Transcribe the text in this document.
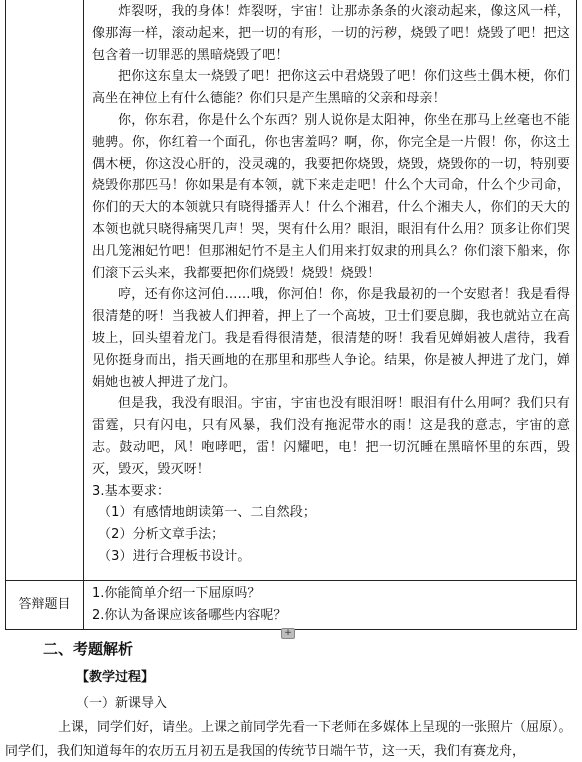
炸裂呀，我的身体！炸裂呀，宇宙！让那赤条条的火滚动起来，像这风一样，像那海一样，滚动起来，把一切的有形，一切的污秽，烧毁了吧！烧毁了吧！把这包含着一切罪恶的黑暗烧毁了吧！

把你这东皇太一烧毁了吧！把你这云中君烧毁了吧！你们这些土偶木梗，你们高坐在神位上有什么德能？你们只是产生黑暗的父亲和母亲！

你，你东君，你是什么个东西？别人说你是太阳神，你坐在那马上丝毫也不能驰骋。你，你红着一个面孔，你也害羞吗？啊，你，你完全是一片假！你，你这土偶木梗，你这没心肝的，没灵魂的，我要把你烧毁，烧毁，烧毁你的一切，特别要烧毁你那匹马！你如果是有本领，就下来走走吧！什么个大司命，什么个少司命，你们的天大的本领就只有晓得播弄人！什么个湘君，什么个湘夫人，你们的天大的本领也就只晓得痛哭几声！哭，哭有什么用？眼泪，眼泪有什么用？顶多让你们哭出几笼湘妃竹吧！但那湘妃竹不是主人们用来打奴隶的刑具么？你们滚下船来，你们滚下云头来，我都要把你们烧毁！烧毁！烧毁！

哼，还有你这河伯……哦，你河伯！你，你是我最初的一个安慰者！我是看得很清楚的呀！当我被人们押着，押上了一个高坡，卫士们要息脚，我也就站立在高坡上，回头望着龙门。我是看得很清楚，很清楚的呀！我看见婵娟被人虐待，我看见你挺身而出，指天画地的在那里和那些人争论。结果，你是被人押进了龙门，婵娟她也被人押进了龙门。

但是我，我没有眼泪。宇宙，宇宙也没有眼泪呀！眼泪有什么用呵？我们只有雷霆，只有闪电，只有风暴，我们没有拖泥带水的雨！这是我的意志，宇宙的意志。鼓动吧，风！咆哮吧，雷！闪耀吧，电！把一切沉睡在黑暗怀里的东西，毁灭，毁灭，毁灭呀！

3.基本要求：

（1）有感情地朗读第一、二自然段；

（2）分析文章手法；

（3）进行合理板书设计。

答辩题目
1.你能简单介绍一下屈原吗？
2.你认为备课应该备哪些内容呢？
+
二、考题解析
【教学过程】
（一）新课导入
上课，同学们好，请坐。上课之前同学先看一下老师在多媒体上呈现的一张照片（屈原）。
同学们，我们知道每年的农历五月初五是我国的传统节日端午节，这一天，我们有赛龙舟，
